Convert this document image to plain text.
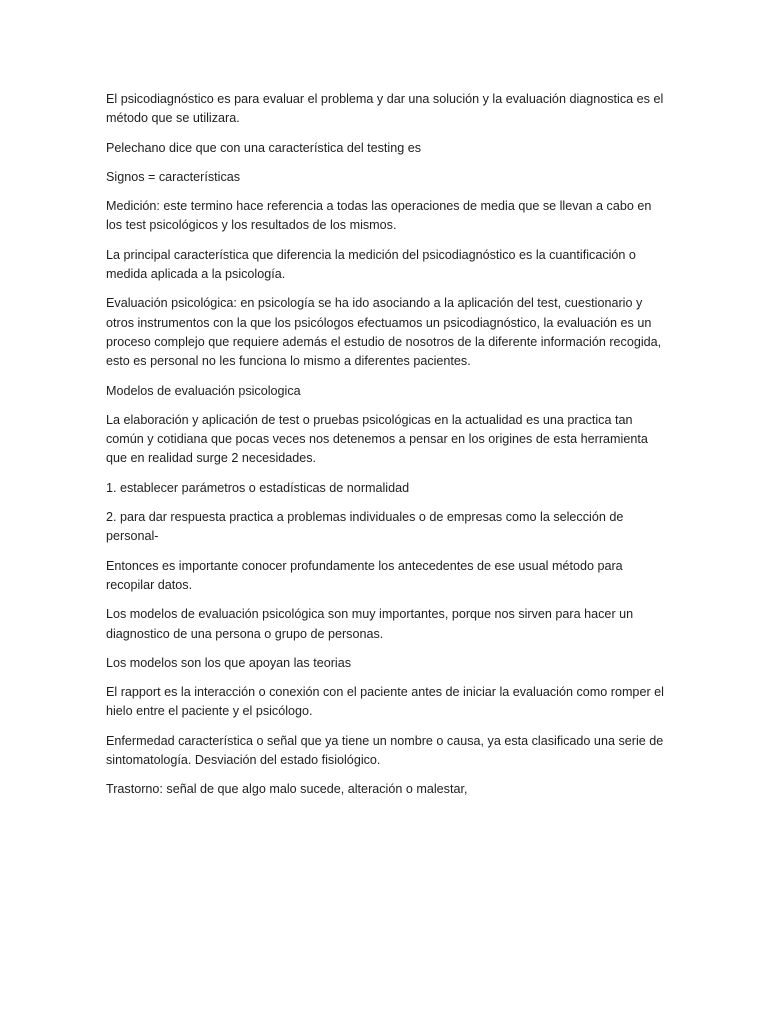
El psicodiagnóstico es para evaluar el problema y dar una solución y la evaluación diagnostica es el método que se utilizara.

Pelechano dice que con una característica del testing es

Signos = características

Medición: este termino hace referencia a todas las operaciones de media que se llevan a cabo en los test psicológicos y los resultados de los mismos.

La principal característica que diferencia la medición del psicodiagnóstico es la cuantificación o medida aplicada a la psicología.

Evaluación psicológica: en psicología se ha ido asociando a la aplicación del test, cuestionario y otros instrumentos con la que los psicólogos efectuamos un psicodiagnóstico, la evaluación es un proceso complejo que requiere además el estudio de nosotros de la diferente información recogida, esto es personal no les funciona lo mismo a diferentes pacientes.

Modelos de evaluación psicologica

La elaboración y aplicación de test o pruebas psicológicas en la actualidad es una practica tan común y cotidiana que pocas veces nos detenemos a pensar en los origines de esta herramienta que en realidad surge 2 necesidades.

1. establecer parámetros o estadísticas de normalidad

2. para dar respuesta practica a problemas individuales o de empresas como la selección de personal-

Entonces es importante conocer profundamente los antecedentes de ese usual método para recopilar datos.

Los modelos de evaluación psicológica son muy importantes, porque nos sirven para hacer un diagnostico de una persona o grupo de personas.

Los modelos son los que apoyan las teorias

El rapport es la interacción o conexión con el paciente antes de iniciar la evaluación como romper el hielo entre el paciente y el psicólogo.

Enfermedad característica o señal que ya tiene un nombre o causa, ya esta clasificado una serie de sintomatología. Desviación del estado fisiológico.

Trastorno: señal de que algo malo sucede, alteración o malestar,
